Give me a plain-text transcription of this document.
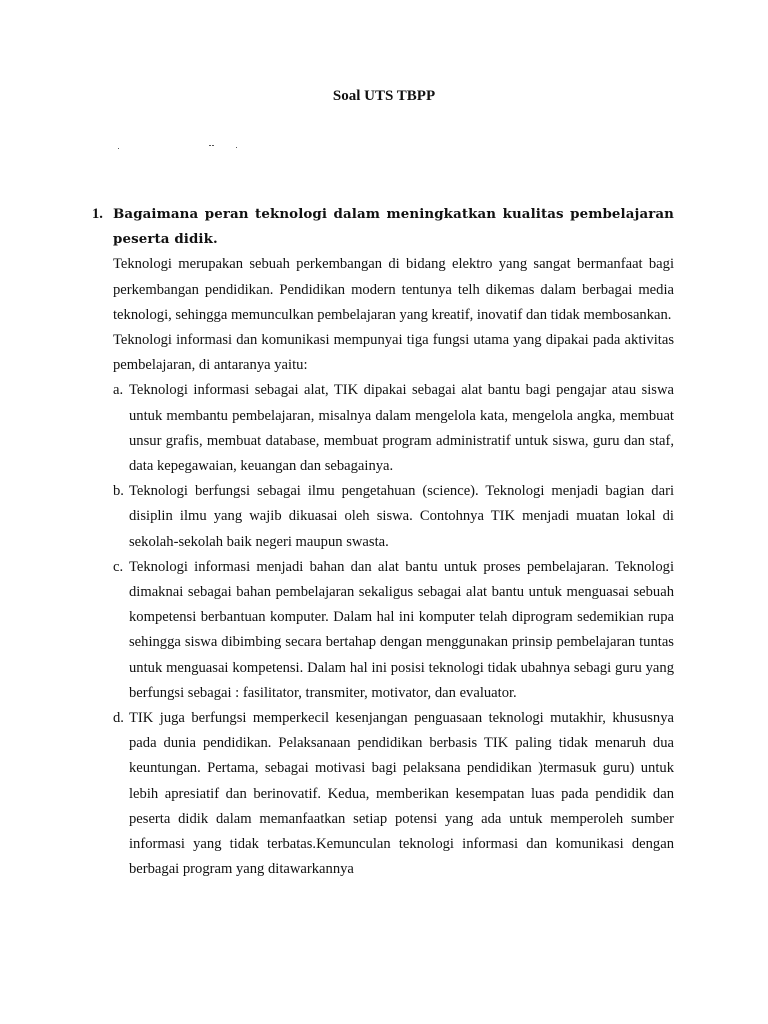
Soal UTS TBPP
1. Bagaimana peran teknologi dalam meningkatkan kualitas pembelajaran peserta didik.

Teknologi merupakan sebuah perkembangan di bidang elektro yang sangat bermanfaat bagi perkembangan pendidikan. Pendidikan modern tentunya telh dikemas dalam berbagai media teknologi, sehingga memunculkan pembelajaran yang kreatif, inovatif dan tidak membosankan.

Teknologi informasi dan komunikasi mempunyai tiga fungsi utama yang dipakai pada aktivitas pembelajaran, di antaranya yaitu:

a. Teknologi informasi sebagai alat, TIK dipakai sebagai alat bantu bagi pengajar atau siswa untuk membantu pembelajaran, misalnya dalam mengelola kata, mengelola angka, membuat unsur grafis, membuat database, membuat program administratif untuk siswa, guru dan staf, data kepegawaian, keuangan dan sebagainya.
b. Teknologi berfungsi sebagai ilmu pengetahuan (science). Teknologi menjadi bagian dari disiplin ilmu yang wajib dikuasai oleh siswa. Contohnya TIK menjadi muatan lokal di sekolah-sekolah baik negeri maupun swasta.
c. Teknologi informasi menjadi bahan dan alat bantu untuk proses pembelajaran. Teknologi dimaknai sebagai bahan pembelajaran sekaligus sebagai alat bantu untuk menguasai sebuah kompetensi berbantuan komputer. Dalam hal ini komputer telah diprogram sedemikian rupa sehingga siswa dibimbing secara bertahap dengan menggunakan prinsip pembelajaran tuntas untuk menguasai kompetensi. Dalam hal ini posisi teknologi tidak ubahnya sebagi guru yang berfungsi sebagai : fasilitator, transmiter, motivator, dan evaluator.
d. TIK juga berfungsi memperkecil kesenjangan penguasaan teknologi mutakhir, khususnya pada dunia pendidikan. Pelaksanaan pendidikan berbasis TIK paling tidak menaruh dua keuntungan. Pertama, sebagai motivasi bagi pelaksana pendidikan )termasuk guru) untuk lebih apresiatif dan berinovatif. Kedua, memberikan kesempatan luas pada pendidik dan peserta didik dalam memanfaatkan setiap potensi yang ada untuk memperoleh sumber informasi yang tidak terbatas.Kemunculan teknologi informasi dan komunikasi dengan berbagai program yang ditawarkannya
